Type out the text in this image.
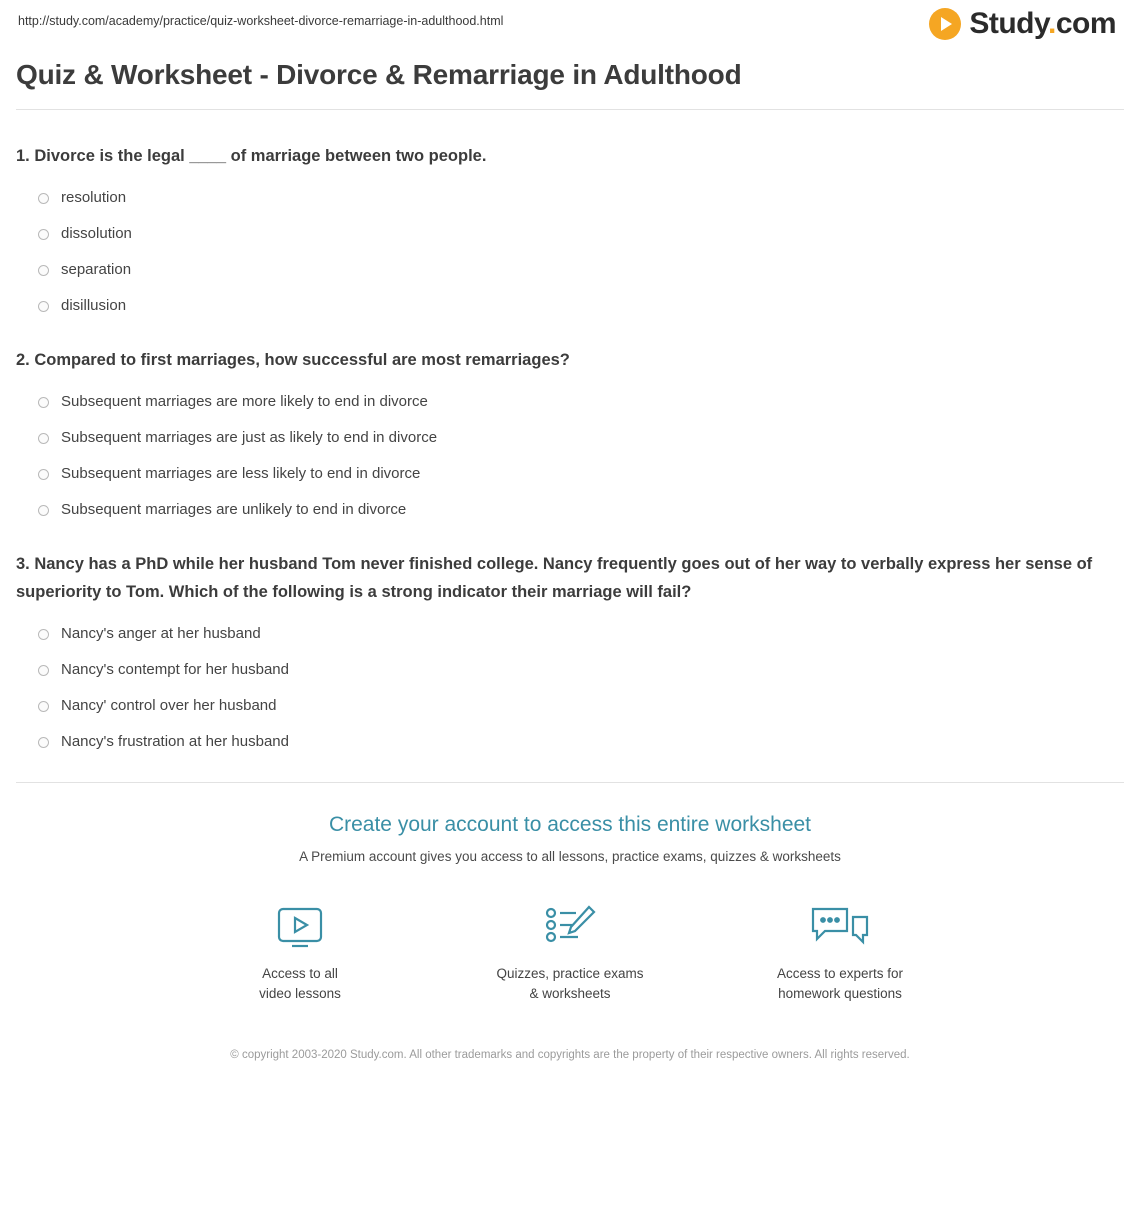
http://study.com/academy/practice/quiz-worksheet-divorce-remarriage-in-adulthood.html	Study.com
Quiz & Worksheet - Divorce & Remarriage in Adulthood

1. Divorce is the legal ____ of marriage between two people.

resolution
dissolution
separation
disillusion

2. Compared to first marriages, how successful are most remarriages?

Subsequent marriages are more likely to end in divorce
Subsequent marriages are just as likely to end in divorce
Subsequent marriages are less likely to end in divorce
Subsequent marriages are unlikely to end in divorce

3. Nancy has a PhD while her husband Tom never finished college. Nancy frequently goes out of her way to verbally express her sense of superiority to Tom. Which of the following is a strong indicator their marriage will fail?

Nancy's anger at her husband
Nancy's contempt for her husband
Nancy' control over her husband
Nancy's frustration at her husband
Create your account to access this entire worksheet
A Premium account gives you access to all lessons, practice exams, quizzes & worksheets
Access to all
video lessons
Quizzes, practice exams
& worksheets
Access to experts for
homework questions
© copyright 2003-2020 Study.com. All other trademarks and copyrights are the property of their respective owners. All rights reserved.
